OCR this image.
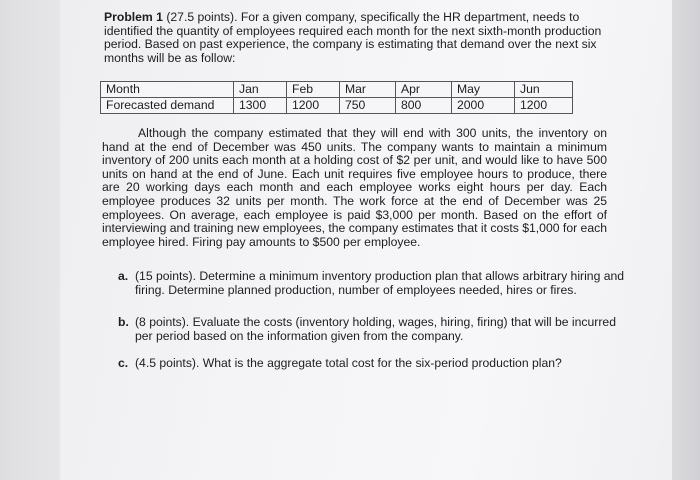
Problem 1 (27.5 points). For a given company, specifically the HR department, needs to identified the quantity of employees required each month for the next sixth-month production period. Based on past experience, the company is estimating that demand over the next six months will be as follow:

Month	Jan	Feb	Mar	Apr	May	Jun
Forecasted demand	1300	1200	750	800	2000	1200

Although the company estimated that they will end with 300 units, the inventory on hand at the end of December was 450 units. The company wants to maintain a minimum inventory of 200 units each month at a holding cost of $2 per unit, and would like to have 500 units on hand at the end of June. Each unit requires five employee hours to produce, there are 20 working days each month and each employee works eight hours per day. Each employee produces 32 units per month. The work force at the end of December was 25 employees. On average, each employee is paid $3,000 per month. Based on the effort of interviewing and training new employees, the company estimates that it costs $1,000 for each employee hired. Firing pay amounts to $500 per employee.

a. (15 points). Determine a minimum inventory production plan that allows arbitrary hiring and firing. Determine planned production, number of employees needed, hires or fires.

b. (8 points). Evaluate the costs (inventory holding, wages, hiring, firing) that will be incurred per period based on the information given from the company.

c. (4.5 points). What is the aggregate total cost for the six-period production plan?
